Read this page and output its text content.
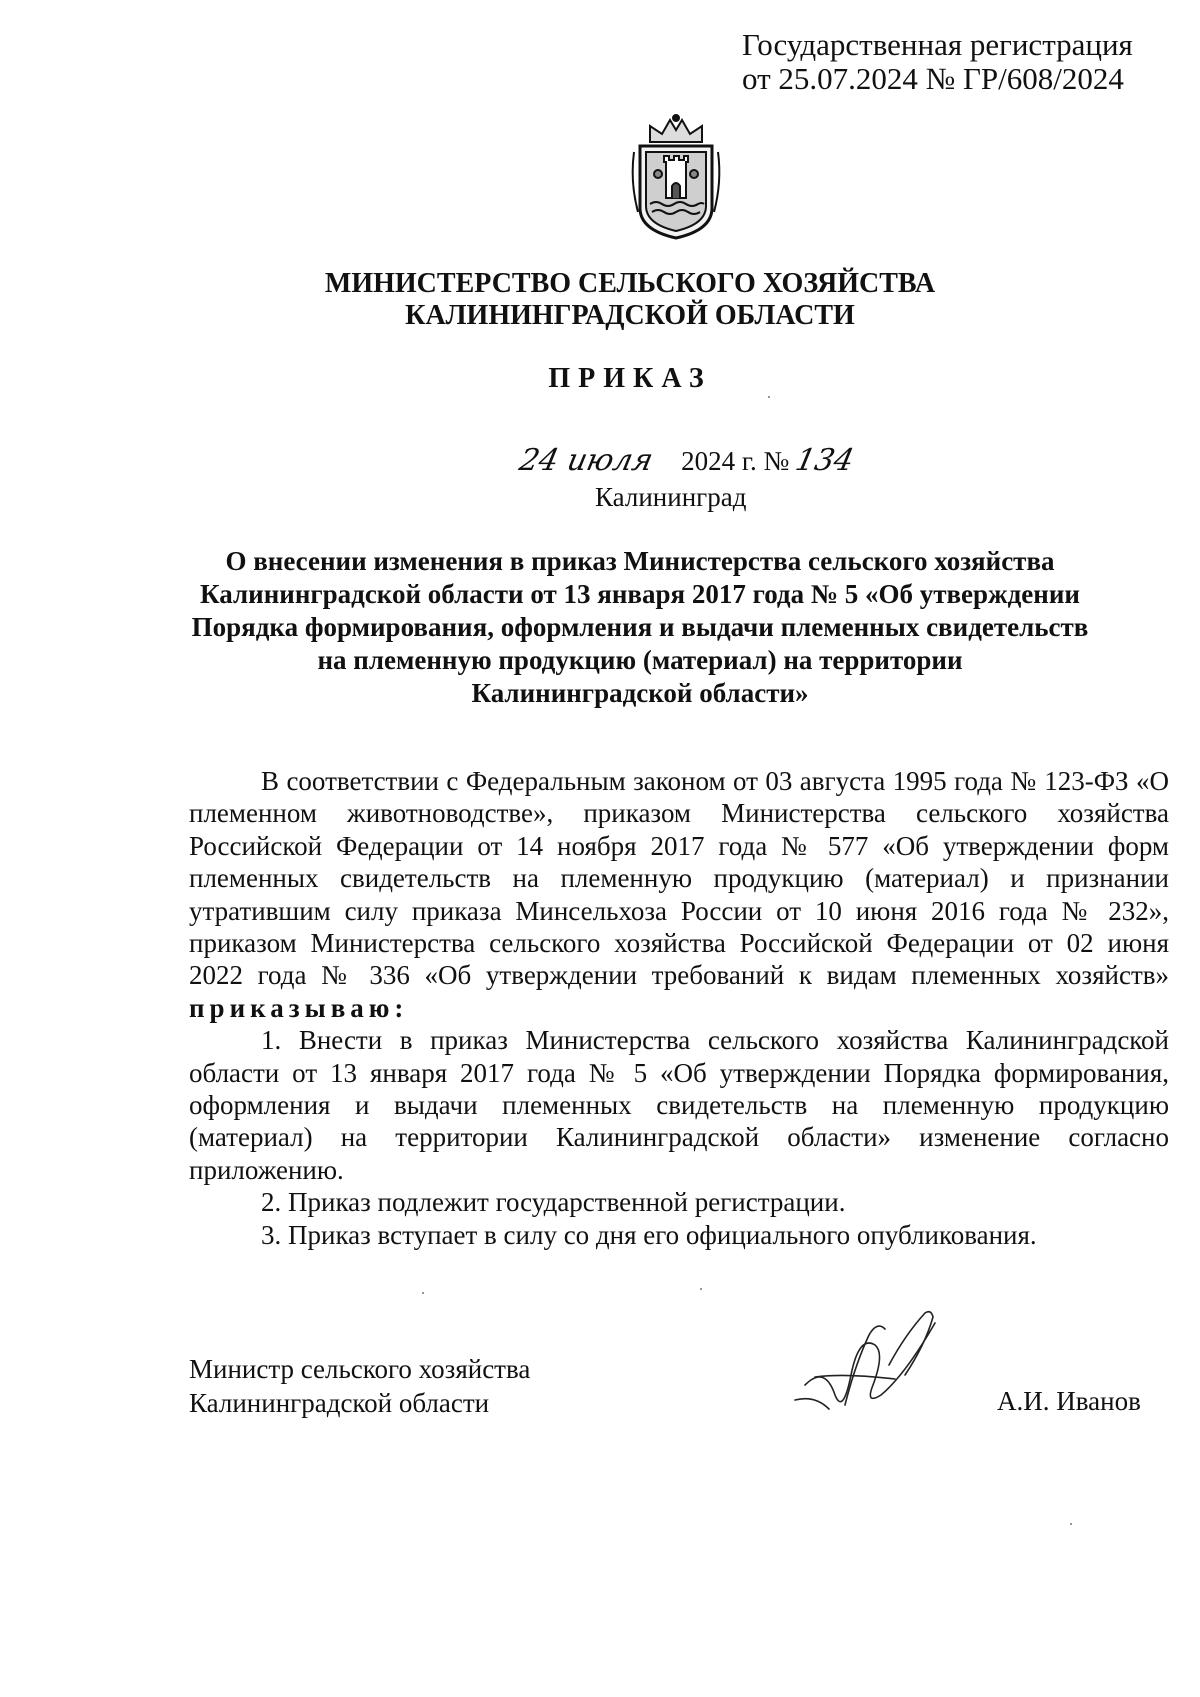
Государственная регистрация
от 25.07.2024 № ГР/608/2024
МИНИСТЕРСТВО СЕЛЬСКОГО ХОЗЯЙСТВА
КАЛИНИНГРАДСКОЙ ОБЛАСТИ
ПРИКАЗ
24 июля 2024 г. № 134
Калининград
О внесении изменения в приказ Министерства сельского хозяйства
Калининградской области от 13 января 2017 года № 5 «Об утверждении
Порядка формирования, оформления и выдачи племенных свидетельств
на племенную продукцию (материал) на территории
Калининградской области»

В соответствии с Федеральным законом от 03 августа 1995 года № 123-ФЗ «О племенном животноводстве», приказом Министерства сельского хозяйства Российской Федерации от 14 ноября 2017 года № 577 «Об утверждении форм племенных свидетельств на племенную продукцию (материал) и признании утратившим силу приказа Минсельхоза России от 10 июня 2016 года № 232», приказом Министерства сельского хозяйства Российской Федерации от 02 июня 2022 года № 336 «Об утверждении требований к видам племенных хозяйств» приказываю:

1. Внести в приказ Министерства сельского хозяйства Калининградской области от 13 января 2017 года № 5 «Об утверждении Порядка формирования, оформления и выдачи племенных свидетельств на племенную продукцию (материал) на территории Калининградской области» изменение согласно приложению.

2. Приказ подлежит государственной регистрации.

3. Приказ вступает в силу со дня его официального опубликования.

Министр сельского хозяйства
Калининградской области	А.И. Иванов
